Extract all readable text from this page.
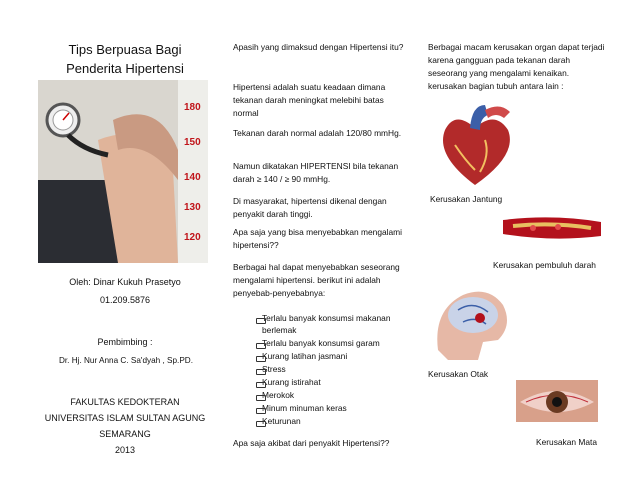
Tips Berpuasa Bagi Penderita Hipertensi
180
150
140
130
120
Oleh: Dinar Kukuh Prasetyo
01.209.5876
Pembimbing :
Dr. Hj. Nur Anna C. Sa'dyah , Sp.PD.
FAKULTAS KEDOKTERAN
UNIVERSITAS ISLAM SULTAN AGUNG
SEMARANG
2013
Apasih yang dimaksud dengan Hipertensi itu?
Hipertensi adalah suatu keadaan dimana tekanan darah meningkat melebihi batas normal
Tekanan darah normal adalah 120/80 mmHg.
Namun dikatakan HIPERTENSI bila tekanan darah ≥ 140 / ≥ 90 mmHg.
Di masyarakat, hipertensi dikenal dengan penyakit darah tinggi.
Apa saja yang bisa menyebabkan mengalami hipertensi??
Berbagai hal dapat menyebabkan seseorang mengalami hipertensi. berikut ini adalah penyebab-penyebabnya:
Terlalu banyak konsumsi makanan berlemak
Terlalu banyak konsumsi garam
Kurang latihan jasmani
Stress
Kurang istirahat
Merokok
Minum minuman keras
Keturunan
Apa saja akibat dari penyakit Hipertensi??
Berbagai macam kerusakan organ dapat terjadi karena gangguan pada tekanan darah seseorang yang mengalami kenaikan. kerusakan bagian tubuh antara lain :
Kerusakan Jantung
Kerusakan pembuluh darah
Kerusakan Otak
Kerusakan Mata
